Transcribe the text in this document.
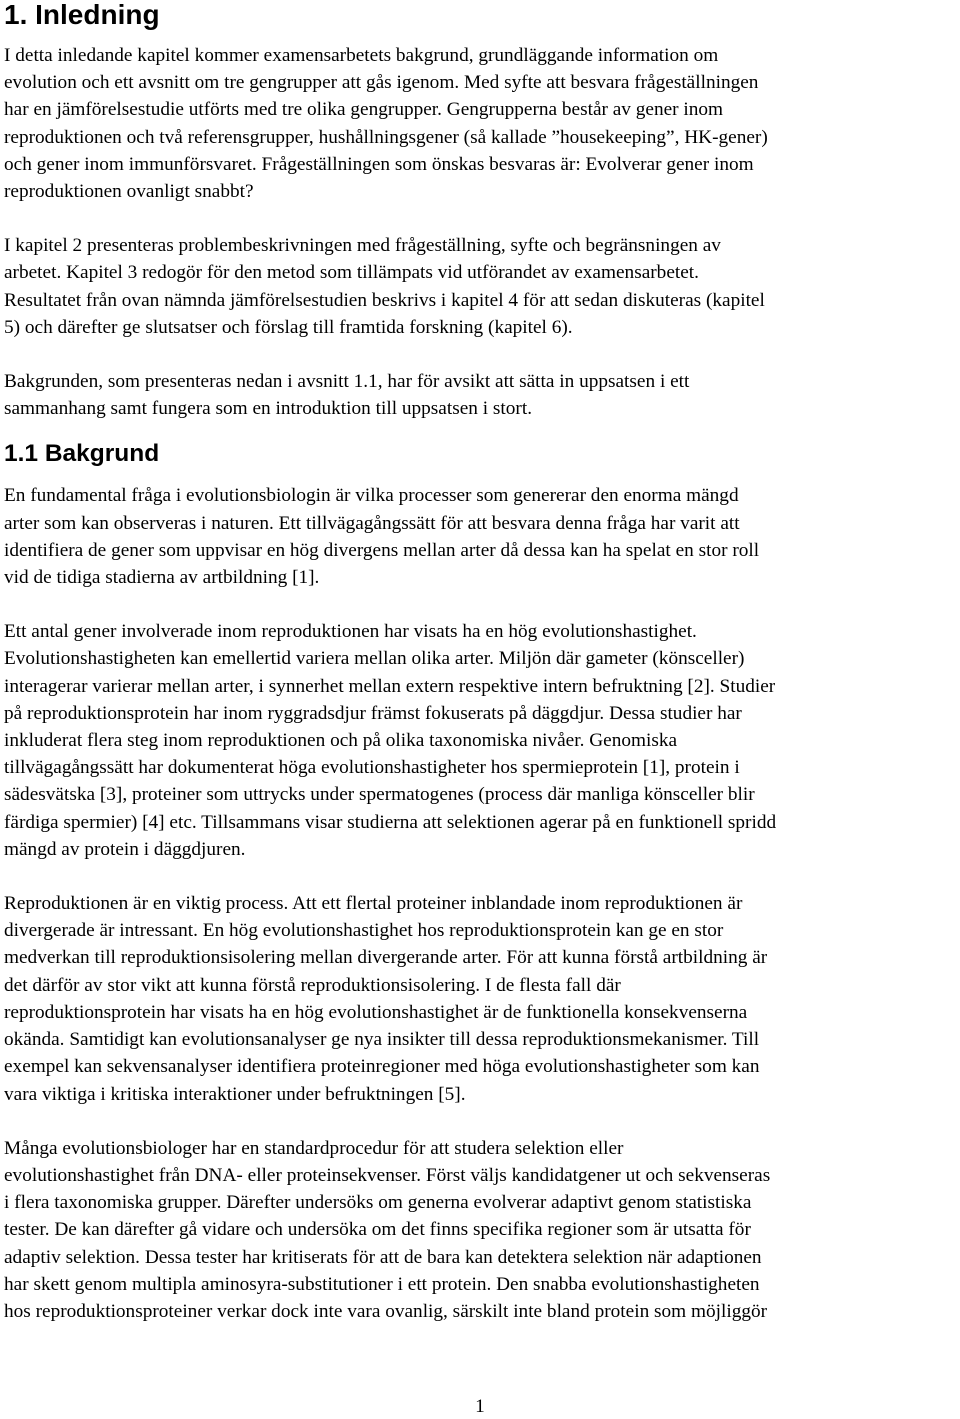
1. Inledning

I detta inledande kapitel kommer examensarbetets bakgrund, grundläggande information om
evolution och ett avsnitt om tre gengrupper att gås igenom. Med syfte att besvara frågeställningen
har en jämförelsestudie utförts med tre olika gengrupper. Gengrupperna består av gener inom
reproduktionen och två referensgrupper, hushållningsgener (så kallade ”housekeeping”, HK-gener)
och gener inom immunförsvaret. Frågeställningen som önskas besvaras är: Evolverar gener inom
reproduktionen ovanligt snabbt?

I kapitel 2 presenteras problembeskrivningen med frågeställning, syfte och begränsningen av
arbetet. Kapitel 3 redogör för den metod som tillämpats vid utförandet av examensarbetet.
Resultatet från ovan nämnda jämförelsestudien beskrivs i kapitel 4 för att sedan diskuteras (kapitel
5) och därefter ge slutsatser och förslag till framtida forskning (kapitel 6).

Bakgrunden, som presenteras nedan i avsnitt 1.1, har för avsikt att sätta in uppsatsen i ett
sammanhang samt fungera som en introduktion till uppsatsen i stort.

1.1 Bakgrund

En fundamental fråga i evolutionsbiologin är vilka processer som genererar den enorma mängd
arter som kan observeras i naturen. Ett tillvägagångssätt för att besvara denna fråga har varit att
identifiera de gener som uppvisar en hög divergens mellan arter då dessa kan ha spelat en stor roll
vid de tidiga stadierna av artbildning [1].

Ett antal gener involverade inom reproduktionen har visats ha en hög evolutionshastighet.
Evolutionshastigheten kan emellertid variera mellan olika arter. Miljön där gameter (könsceller)
interagerar varierar mellan arter, i synnerhet mellan extern respektive intern befruktning [2]. Studier
på reproduktionsprotein har inom ryggradsdjur främst fokuserats på däggdjur. Dessa studier har
inkluderat flera steg inom reproduktionen och på olika taxonomiska nivåer. Genomiska
tillvägagångssätt har dokumenterat höga evolutionshastigheter hos spermieprotein [1], protein i
sädesvätska [3], proteiner som uttrycks under spermatogenes (process där manliga könsceller blir
färdiga spermier) [4] etc. Tillsammans visar studierna att selektionen agerar på en funktionell spridd
mängd av protein i däggdjuren.

Reproduktionen är en viktig process. Att ett flertal proteiner inblandade inom reproduktionen är
divergerade är intressant. En hög evolutionshastighet hos reproduktionsprotein kan ge en stor
medverkan till reproduktionsisolering mellan divergerande arter. För att kunna förstå artbildning är
det därför av stor vikt att kunna förstå reproduktionsisolering. I de flesta fall där
reproduktionsprotein har visats ha en hög evolutionshastighet är de funktionella konsekvenserna
okända. Samtidigt kan evolutionsanalyser ge nya insikter till dessa reproduktionsmekanismer. Till
exempel kan sekvensanalyser identifiera proteinregioner med höga evolutionshastigheter som kan
vara viktiga i kritiska interaktioner under befruktningen [5].

Många evolutionsbiologer har en standardprocedur för att studera selektion eller
evolutionshastighet från DNA- eller proteinsekvenser. Först väljs kandidatgener ut och sekvenseras
i flera taxonomiska grupper. Därefter undersöks om generna evolverar adaptivt genom statistiska
tester. De kan därefter gå vidare och undersöka om det finns specifika regioner som är utsatta för
adaptiv selektion. Dessa tester har kritiserats för att de bara kan detektera selektion när adaptionen
har skett genom multipla aminosyra-substitutioner i ett protein. Den snabba evolutionshastigheten
hos reproduktionsproteiner verkar dock inte vara ovanlig, särskilt inte bland protein som möjliggör

1
